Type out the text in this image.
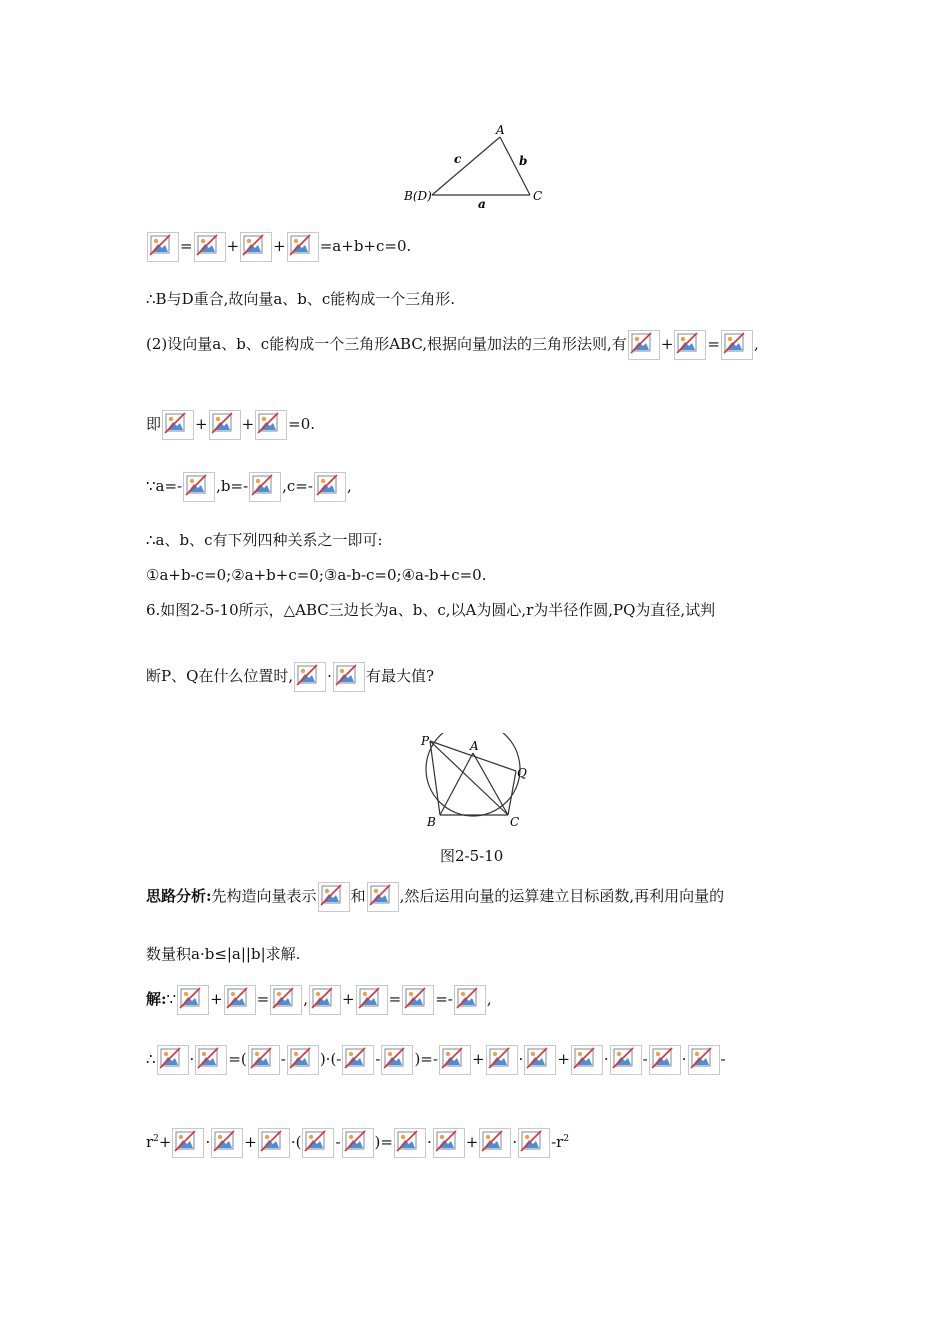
A
B(D)	C
a
b
c
= + + =a+b+c=0.
∴B与D重合,故向量a、b、c能构成一个三角形.
(2)设向量a、b、c能构成一个三角形ABC,根据向量加法的三角形法则,有 + = ,
即 + + =0.
∵a=- ,b=- ,c=- ,
∴a、b、c有下列四种关系之一即可:
①a+b-c=0;②a+b+c=0;③a-b-c=0;④a-b+c=0.
6.如图2-5-10所示，△ABC三边长为a、b、c,以A为圆心,r为半径作圆,PQ为直径,试判
断P、Q在什么位置时, · 有最大值?
P	A
Q
B	C
图2-5-10
思路分析:先构造向量表示 和 ,然后运用向量的运算建立目标函数,再利用向量的
数量积a·b≤|a||b|求解.
解:∵ + = , + = =- ,
∴ · =( - )·(- - )=- + · + · - · -
$r^2+$ · + ·( - )= · + · $-r^2$
